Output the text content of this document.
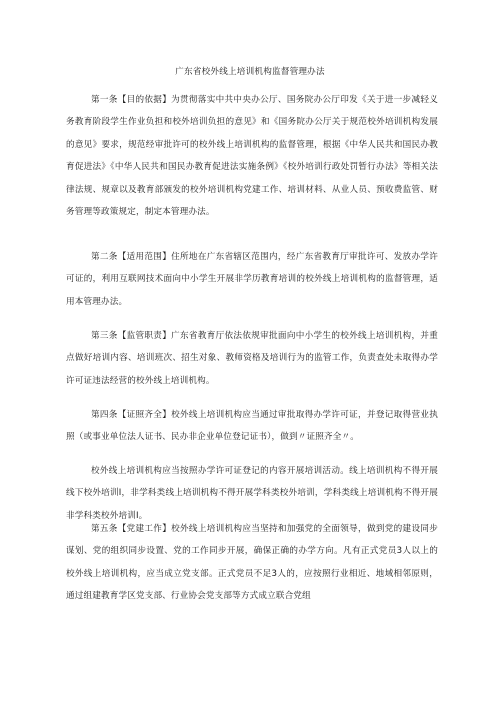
广东省校外线上培训机构监督管理办法

第一条【目的依据】为贯彻落实中共中央办公厅、国务院办公厅印发《关于进一步减轻义务教育阶段学生作业负担和校外培训负担的意见》和《国务院办公厅关于规范校外培训机构发展的意见》要求，规范经审批许可的校外线上培训机构的监督管理，根据《中华人民共和国民办教育促进法》《中华人民共和国民办教育促进法实施条例》《校外培训行政处罚暂行办法》等相关法律法规、规章以及教育部颁发的校外培训机构党建工作、培训材料、从业人员、预收费监管、财务管理等政策规定，制定本管理办法。

第二条【适用范围】住所地在广东省辖区范围内，经广东省教育厅审批许可、发放办学许可证的，利用互联网技术面向中小学生开展非学历教育培训的校外线上培训机构的监督管理，适用本管理办法。

第三条【监管职责】广东省教育厅依法依规审批面向中小学生的校外线上培训机构，并重点做好培训内容、培训班次、招生对象、教师资格及培训行为的监管工作，负责查处未取得办学许可证违法经营的校外线上培训机构。

第四条【证照齐全】校外线上培训机构应当通过审批取得办学许可证，并登记取得营业执照（或事业单位法人证书、民办非企业单位登记证书），做到〃证照齐全〃。

校外线上培训机构应当按照办学许可证登记的内容开展培训活动。线上培训机构不得开展线下校外培训I，非学科类线上培训机构不得开展学科类校外培训，学科类线上培训机构不得开展非学科类校外培训I。

第五条【党建工作】校外线上培训机构应当坚持和加强党的全面领导，做到党的建设同步谋划、党的组织同步设置、党的工作同步开展，确保正确的办学方向。凡有正式党员3人以上的校外线上培训机构，应当成立党支部。正式党员不足3人的，应按照行业相近、地域相邻原则，通过组建教育学区党支部、行业协会党支部等方式成立联合党组
